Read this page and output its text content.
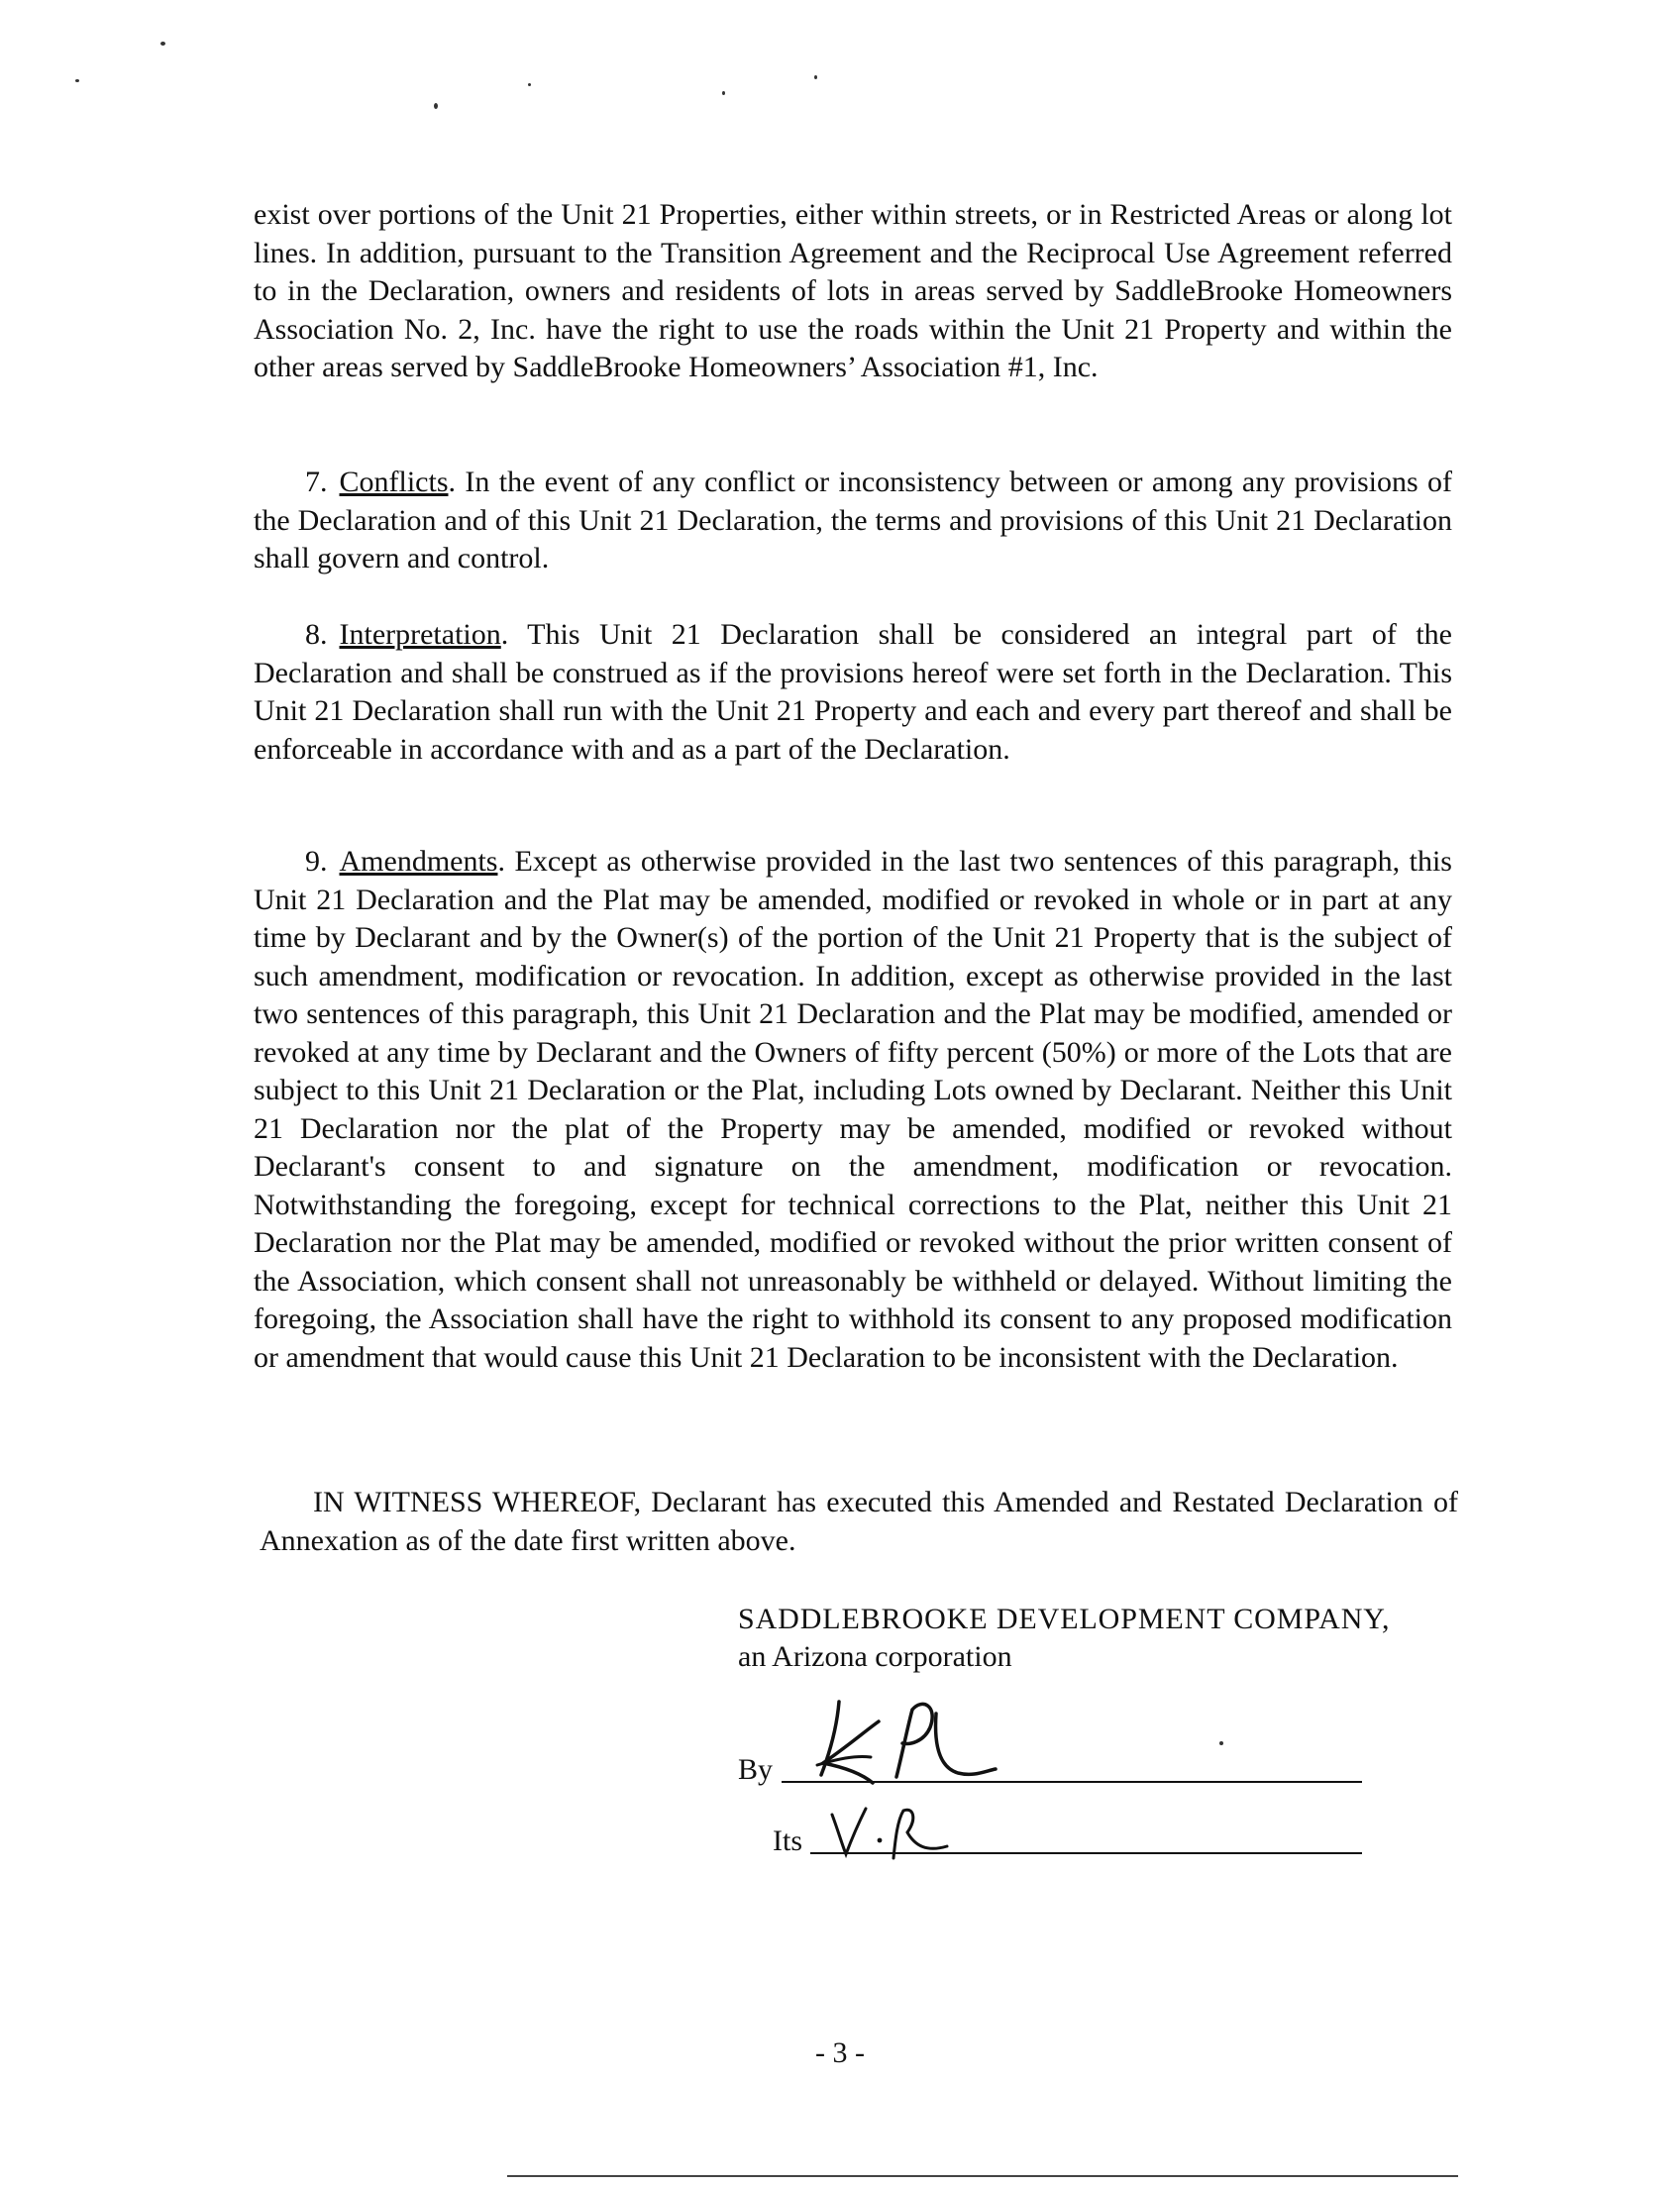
exist over portions of the Unit 21 Properties, either within streets, or in Restricted Areas or along lot lines. In addition, pursuant to the Transition Agreement and the Reciprocal Use Agreement referred to in the Declaration, owners and residents of lots in areas served by SaddleBrooke Homeowners Association No. 2, Inc. have the right to use the roads within the Unit 21 Property and within the other areas served by SaddleBrooke Homeowners’ Association #1, Inc.

7. Conflicts. In the event of any conflict or inconsistency between or among any provisions of the Declaration and of this Unit 21 Declaration, the terms and provisions of this Unit 21 Declaration shall govern and control.

8. Interpretation. This Unit 21 Declaration shall be considered an integral part of the Declaration and shall be construed as if the provisions hereof were set forth in the Declaration. This Unit 21 Declaration shall run with the Unit 21 Property and each and every part thereof and shall be enforceable in accordance with and as a part of the Declaration.

9. Amendments. Except as otherwise provided in the last two sentences of this paragraph, this Unit 21 Declaration and the Plat may be amended, modified or revoked in whole or in part at any time by Declarant and by the Owner(s) of the portion of the Unit 21 Property that is the subject of such amendment, modification or revocation. In addition, except as otherwise provided in the last two sentences of this paragraph, this Unit 21 Declaration and the Plat may be modified, amended or revoked at any time by Declarant and the Owners of fifty percent (50%) or more of the Lots that are subject to this Unit 21 Declaration or the Plat, including Lots owned by Declarant. Neither this Unit 21 Declaration nor the plat of the Property may be amended, modified or revoked without Declarant's consent to and signature on the amendment, modification or revocation. Notwithstanding the foregoing, except for technical corrections to the Plat, neither this Unit 21 Declaration nor the Plat may be amended, modified or revoked without the prior written consent of the Association, which consent shall not unreasonably be withheld or delayed. Without limiting the foregoing, the Association shall have the right to withhold its consent to any proposed modification or amendment that would cause this Unit 21 Declaration to be inconsistent with the Declaration.

IN WITNESS WHEREOF, Declarant has executed this Amended and Restated Declaration of Annexation as of the date first written above.

SADDLEBROOKE DEVELOPMENT COMPANY,
an Arizona corporation
By
Its
- 3 -
